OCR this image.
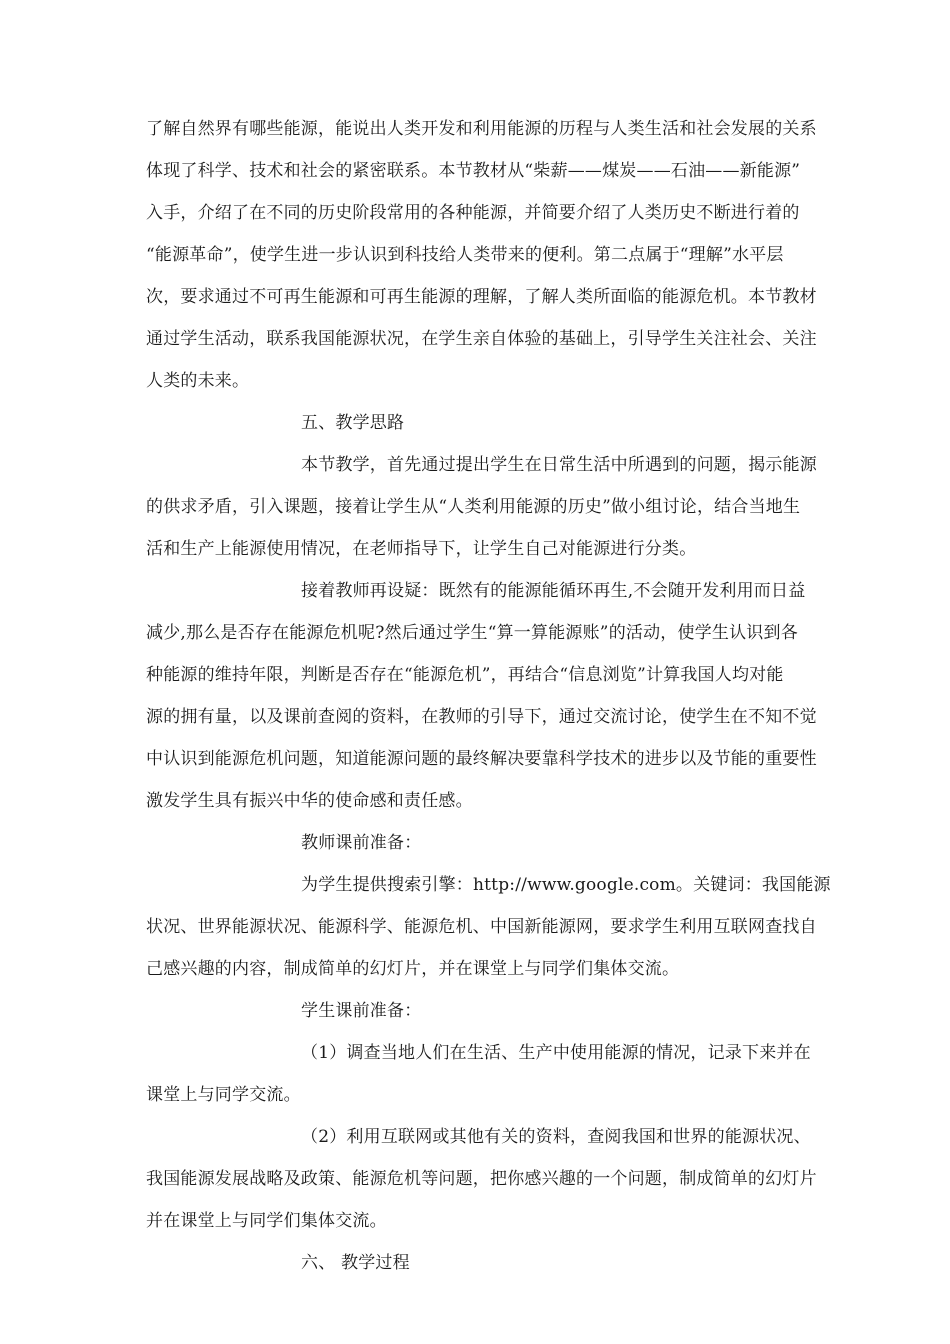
了解自然界有哪些能源，能说出人类开发和利用能源的历程与人类生活和社会发展的关系
体现了科学、技术和社会的紧密联系。本节教材从“柴薪——煤炭——石油——新能源”
入手，介绍了在不同的历史阶段常用的各种能源，并简要介绍了人类历史不断进行着的
“能源革命”，使学生进一步认识到科技给人类带来的便利。第二点属于“理解”水平层
次，要求通过不可再生能源和可再生能源的理解，了解人类所面临的能源危机。本节教材
通过学生活动，联系我国能源状况，在学生亲自体验的基础上，引导学生关注社会、关注
人类的未来。
五、教学思路
本节教学，首先通过提出学生在日常生活中所遇到的问题，揭示能源
的供求矛盾，引入课题，接着让学生从“人类利用能源的历史”做小组讨论，结合当地生
活和生产上能源使用情况，在老师指导下，让学生自己对能源进行分类。
接着教师再设疑：既然有的能源能循环再生,不会随开发利用而日益
减少,那么是否存在能源危机呢?然后通过学生“算一算能源账”的活动，使学生认识到各
种能源的维持年限，判断是否存在“能源危机”，再结合“信息浏览”计算我国人均对能
源的拥有量，以及课前查阅的资料，在教师的引导下，通过交流讨论，使学生在不知不觉
中认识到能源危机问题，知道能源问题的最终解决要靠科学技术的进步以及节能的重要性
激发学生具有振兴中华的使命感和责任感。
教师课前准备：
为学生提供搜索引擎：http://www.google.com。关键词：我国能源
状况、世界能源状况、能源科学、能源危机、中国新能源网，要求学生利用互联网查找自
己感兴趣的内容，制成简单的幻灯片，并在课堂上与同学们集体交流。
学生课前准备：
（1）调查当地人们在生活、生产中使用能源的情况，记录下来并在
课堂上与同学交流。
（2）利用互联网或其他有关的资料，查阅我国和世界的能源状况、
我国能源发展战略及政策、能源危机等问题，把你感兴趣的一个问题，制成简单的幻灯片
并在课堂上与同学们集体交流。
六、 教学过程
